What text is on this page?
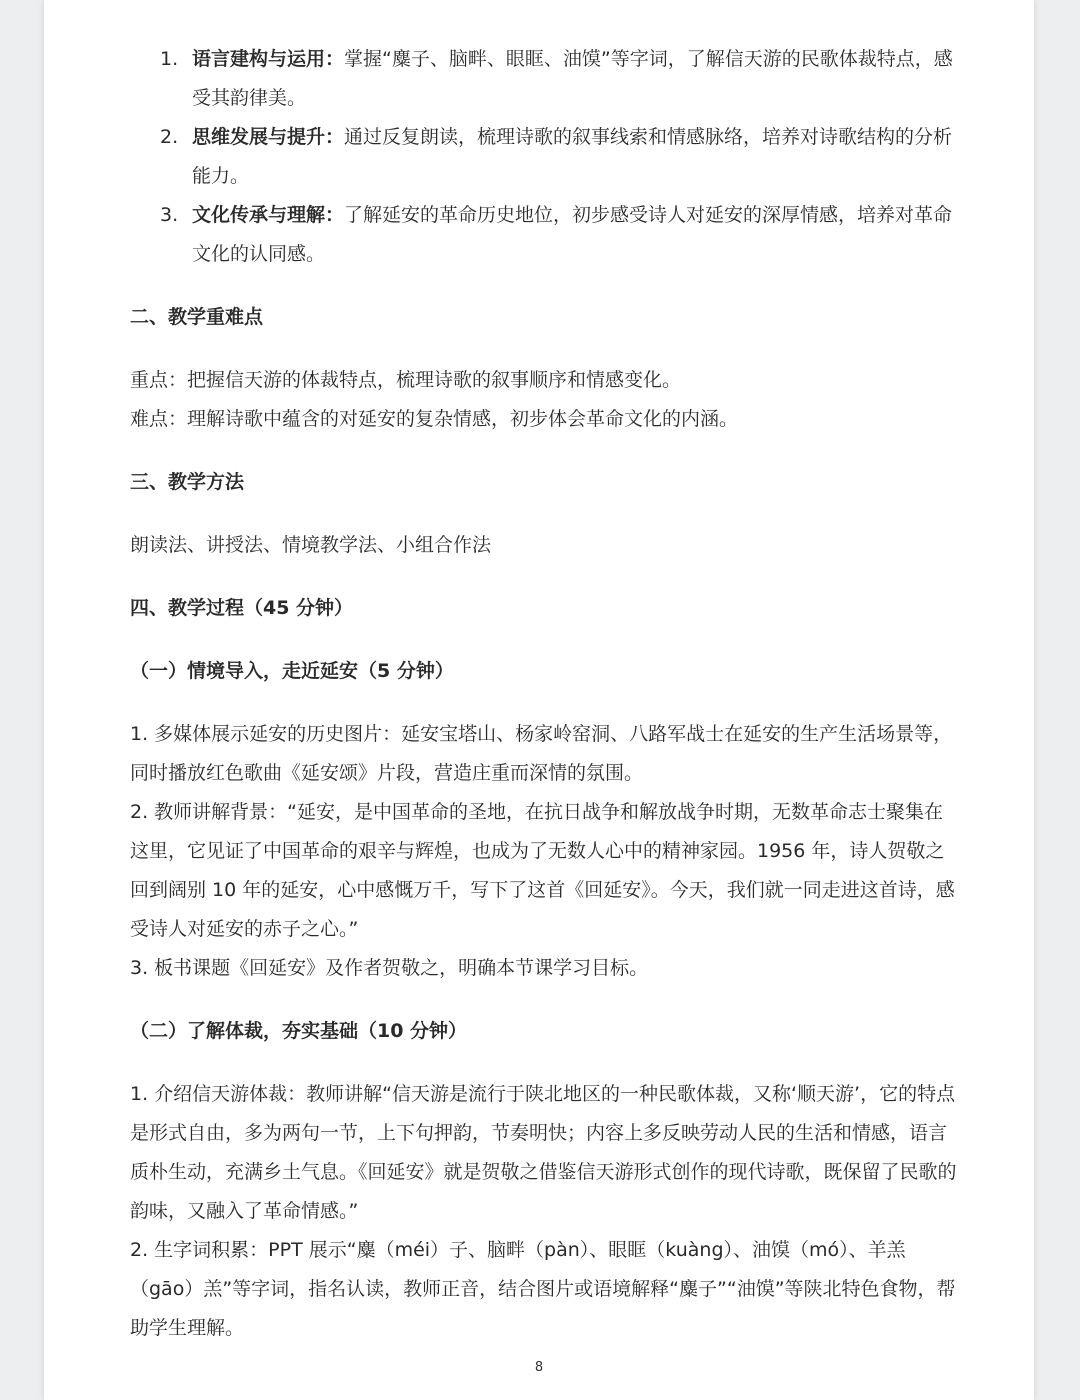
1. 语言建构与运用：掌握“麋子、脑畔、眼眶、油馍”等字词，了解信天游的民歌体裁特点，感受其韵律美。
2. 思维发展与提升：通过反复朗读，梳理诗歌的叙事线索和情感脉络，培养对诗歌结构的分析能力。
3. 文化传承与理解：了解延安的革命历史地位，初步感受诗人对延安的深厚情感，培养对革命文化的认同感。
二、教学重难点
重点：把握信天游的体裁特点，梳理诗歌的叙事顺序和情感变化。
难点：理解诗歌中蕴含的对延安的复杂情感，初步体会革命文化的内涵。
三、教学方法
朗读法、讲授法、情境教学法、小组合作法
四、教学过程（45 分钟）
（一）情境导入，走近延安（5 分钟）
1. 多媒体展示延安的历史图片：延安宝塔山、杨家岭窑洞、八路军战士在延安的生产生活场景等，同时播放红色歌曲《延安颂》片段，营造庄重而深情的氛围。
2. 教师讲解背景：“延安，是中国革命的圣地，在抗日战争和解放战争时期，无数革命志士聚集在这里，它见证了中国革命的艰辛与辉煌，也成为了无数人心中的精神家园。1956 年，诗人贺敬之回到阔别 10 年的延安，心中感慨万千，写下了这首《回延安》。今天，我们就一同走进这首诗，感受诗人对延安的赤子之心。”
3. 板书课题《回延安》及作者贺敬之，明确本节课学习目标。
（二）了解体裁，夯实基础（10 分钟）
1. 介绍信天游体裁：教师讲解“信天游是流行于陕北地区的一种民歌体裁，又称‘顺天游’，它的特点是形式自由，多为两句一节，上下句押韵，节奏明快；内容上多反映劳动人民的生活和情感，语言质朴生动，充满乡土气息。《回延安》就是贺敬之借鉴信天游形式创作的现代诗歌，既保留了民歌的韵味，又融入了革命情感。”
2. 生字词积累：PPT 展示“麋（méi）子、脑畔（pàn）、眼眶（kuàng）、油馍（mó）、羊羔（gāo）羔”等字词，指名认读，教师正音，结合图片或语境解释“麋子”“油馍”等陕北特色食物，帮助学生理解。
8
